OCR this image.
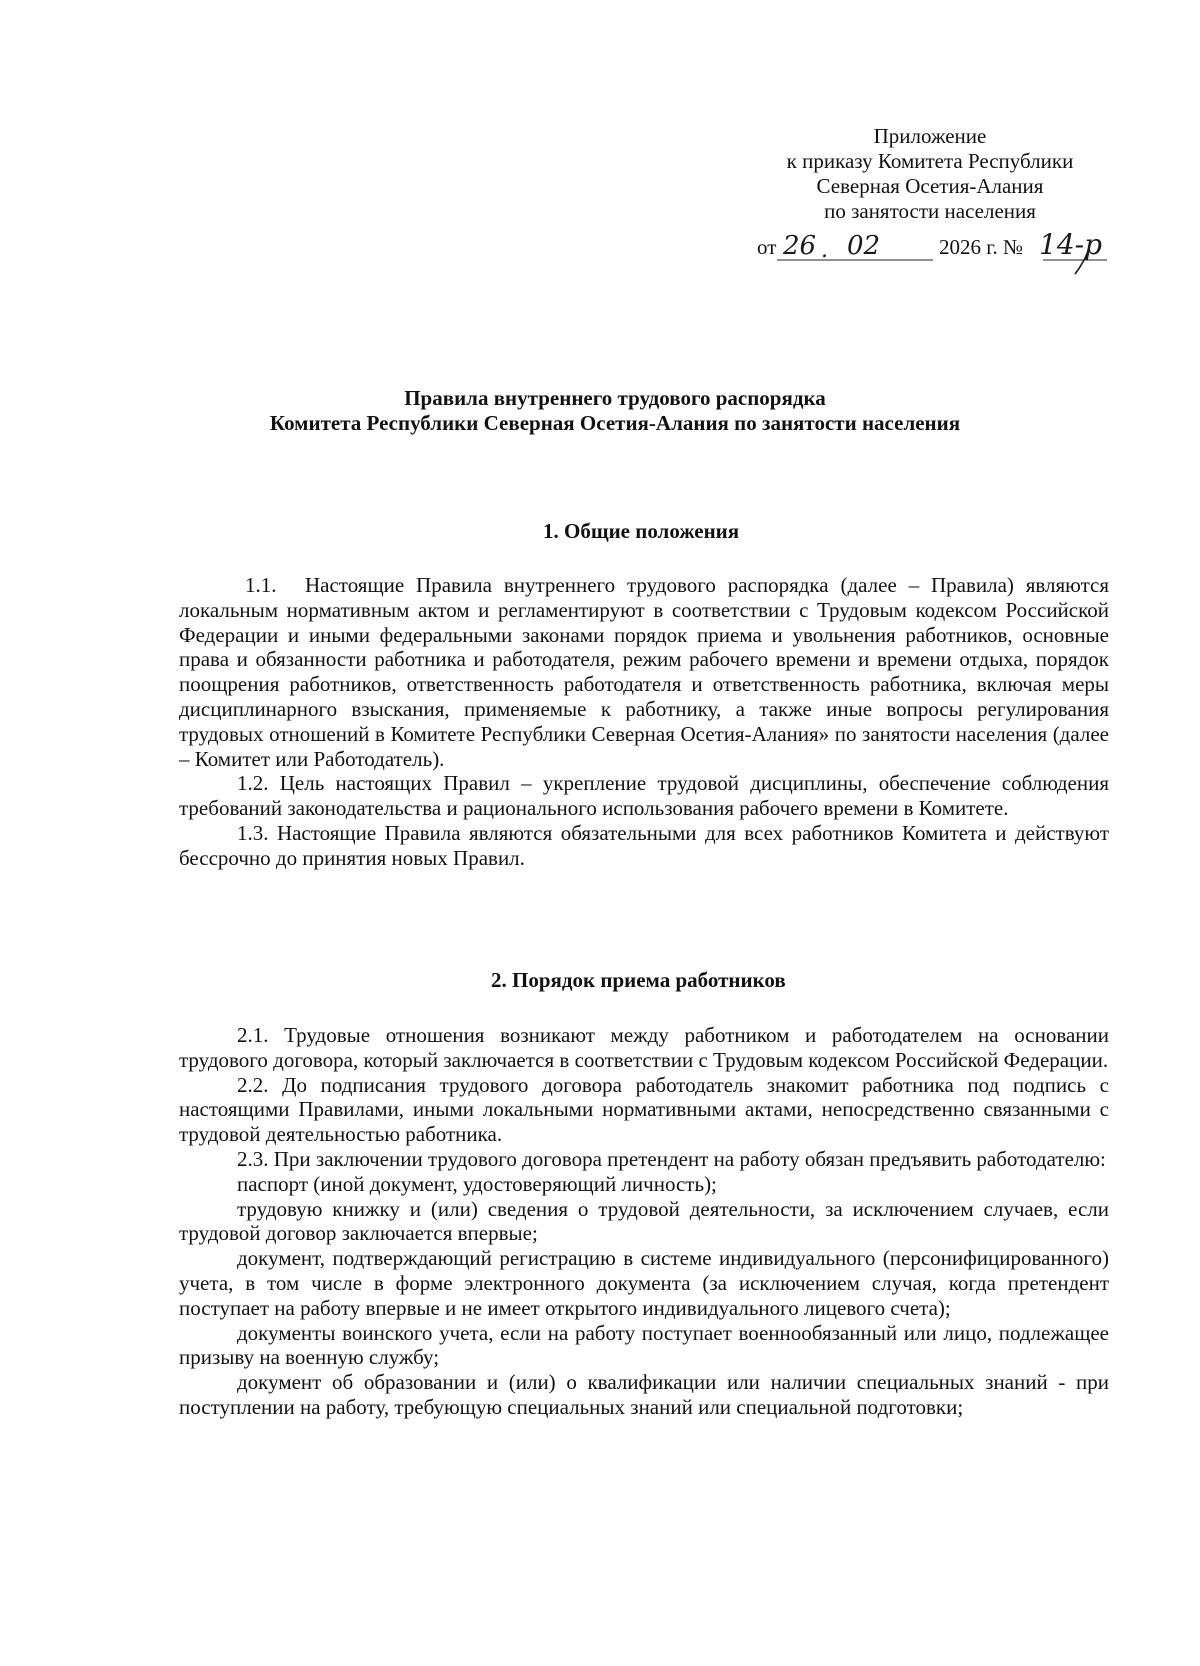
Приложение
к приказу Комитета Республики
Северная Осетия-Алания
по занятости населения
от	2026 г. №
26 . 02	14-р
Правила внутреннего трудового распорядка
Комитета Республики Северная Осетия-Алания по занятости населения
1. Общие положения

1.1. Настоящие Правила внутреннего трудового распорядка (далее – Правила) являются локальным нормативным актом и регламентируют в соответствии с Трудовым кодексом Российской Федерации и иными федеральными законами порядок приема и увольнения работников, основные права и обязанности работника и работодателя, режим рабочего времени и времени отдыха, порядок поощрения работников, ответственность работодателя и ответственность работника, включая меры дисциплинарного взыскания, применяемые к работнику, а также иные вопросы регулирования трудовых отношений в Комитете Республики Северная Осетия-Алания» по занятости населения (далее – Комитет или Работодатель).

1.2. Цель настоящих Правил – укрепление трудовой дисциплины, обеспечение соблюдения требований законодательства и рационального использования рабочего времени в Комитете.

1.3. Настоящие Правила являются обязательными для всех работников Комитета и действуют бессрочно до принятия новых Правил.

2. Порядок приема работников

2.1. Трудовые отношения возникают между работником и работодателем на основании трудового договора, который заключается в соответствии с Трудовым кодексом Российской Федерации.

2.2. До подписания трудового договора работодатель знакомит работника под подпись с настоящими Правилами, иными локальными нормативными актами, непосредственно связанными с трудовой деятельностью работника.

2.3. При заключении трудового договора претендент на работу обязан предъявить работодателю:

паспорт (иной документ, удостоверяющий личность);

трудовую книжку и (или) сведения о трудовой деятельности, за исключением случаев, если трудовой договор заключается впервые;

документ, подтверждающий регистрацию в системе индивидуального (персонифицированного) учета, в том числе в форме электронного документа (за исключением случая, когда претендент поступает на работу впервые и не имеет открытого индивидуального лицевого счета);

документы воинского учета, если на работу поступает военнообязанный или лицо, подлежащее призыву на военную службу;

документ об образовании и (или) о квалификации или наличии специальных знаний - при поступлении на работу, требующую специальных знаний или специальной подготовки;
